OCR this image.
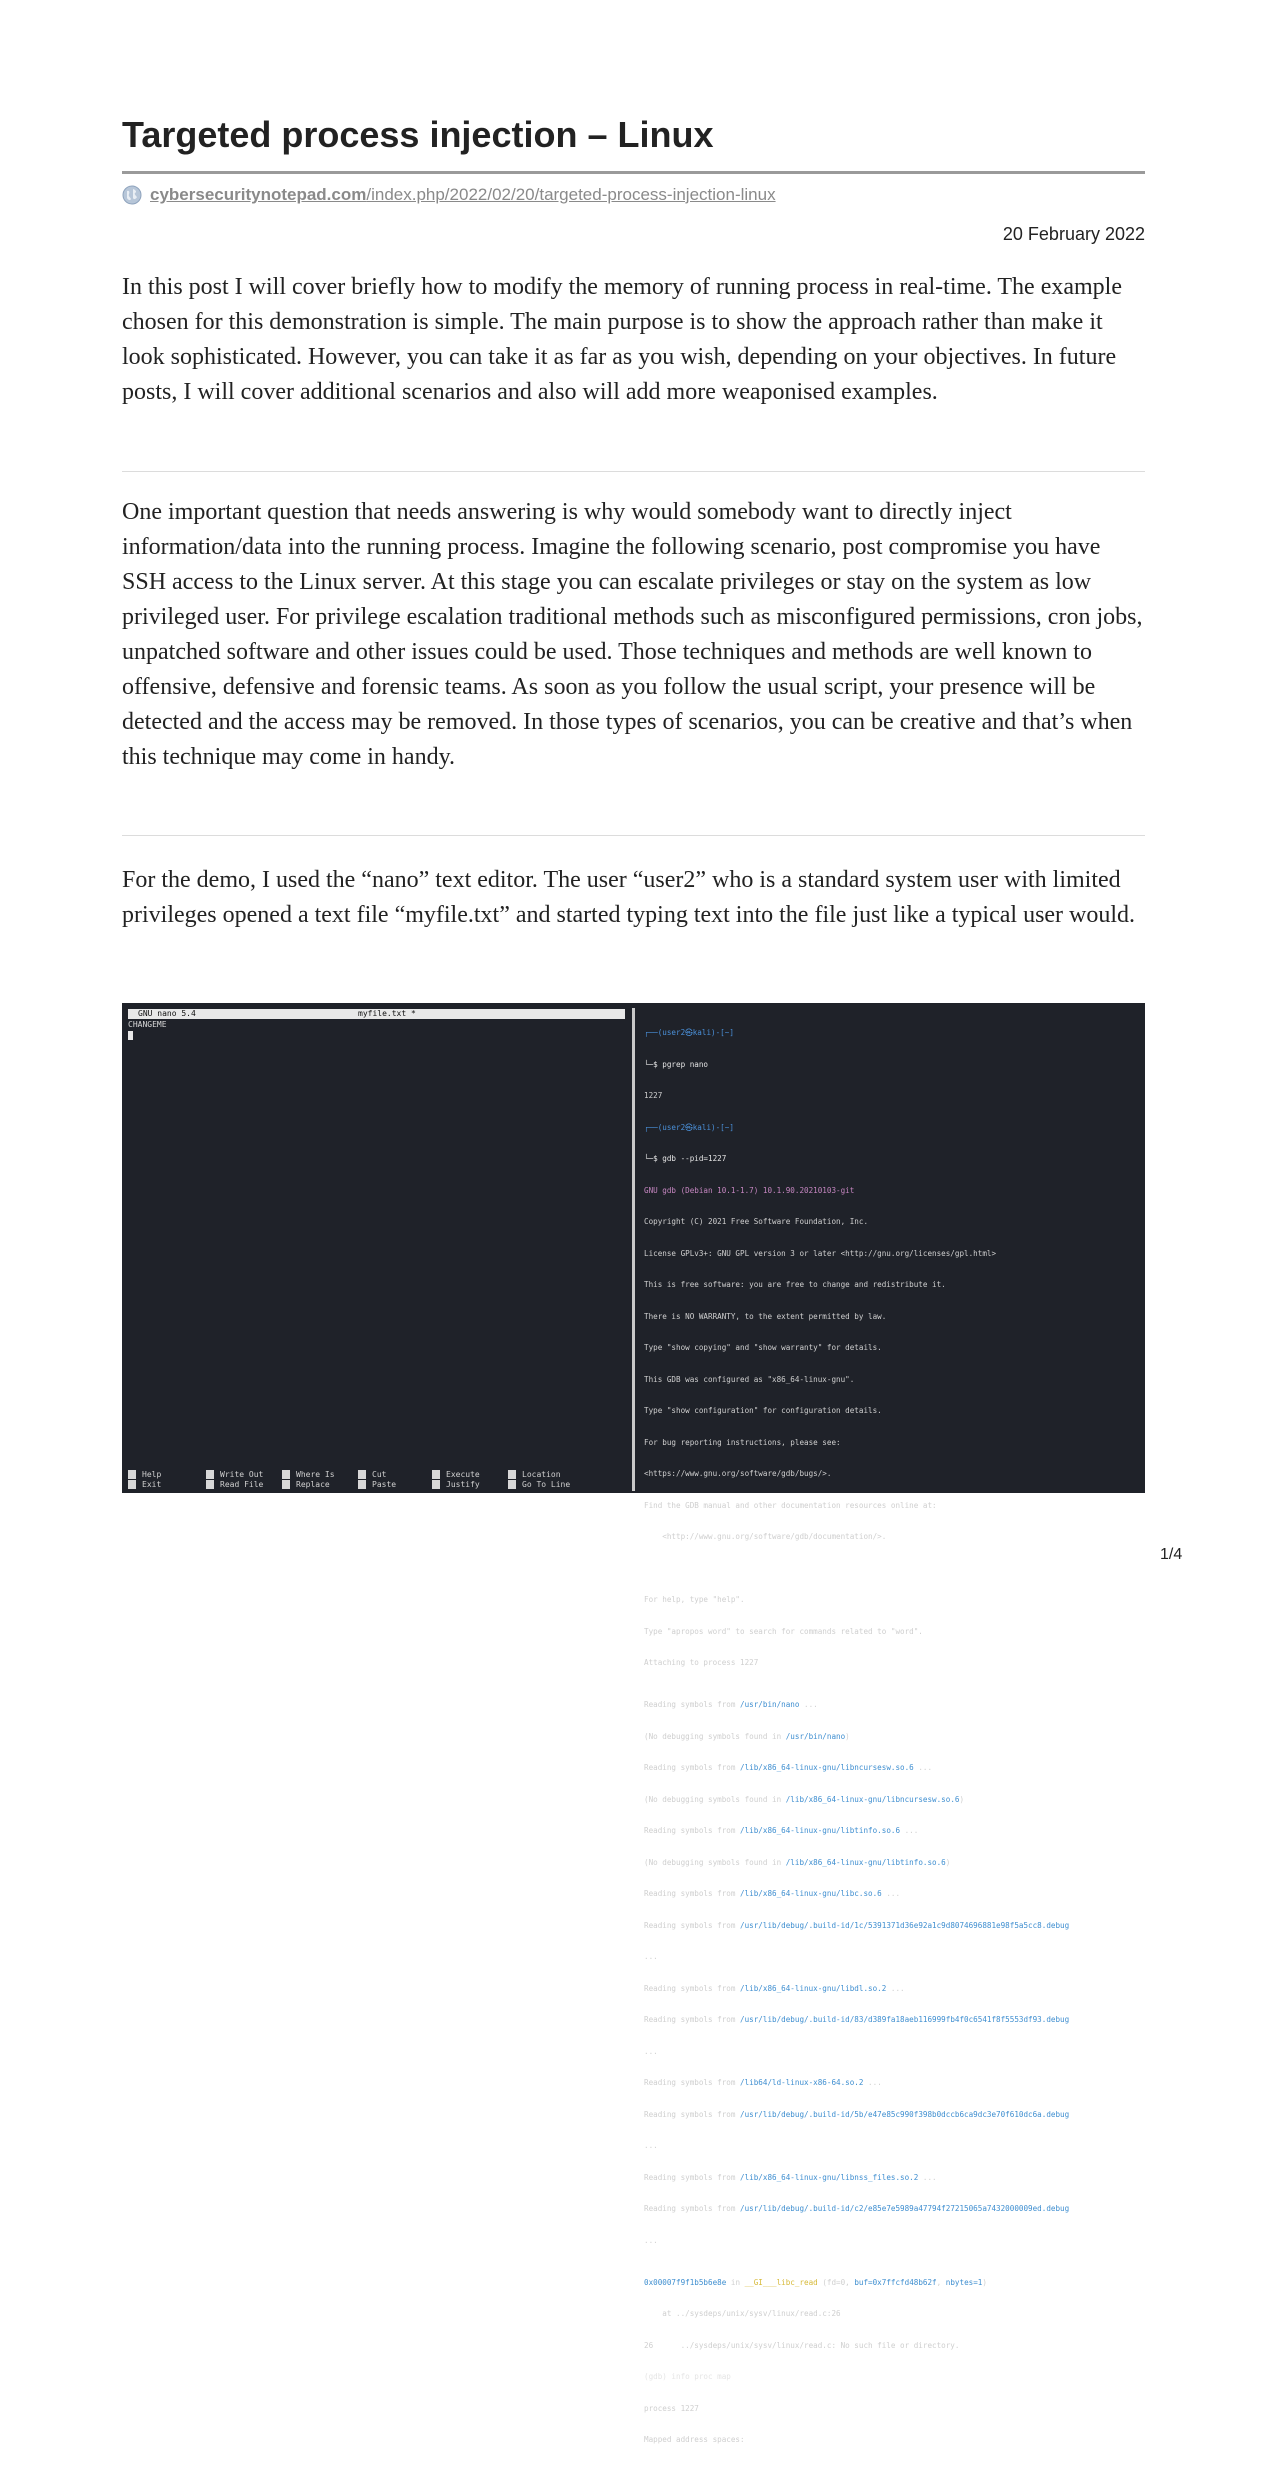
Targeted process injection – Linux
cybersecuritynotepad.com/index.php/2022/02/20/targeted-process-injection-linux
20 February 2022

In this post I will cover briefly how to modify the memory of running process in real-time. The example chosen for this demonstration is simple. The main purpose is to show the approach rather than make it look sophisticated. However, you can take it as far as you wish, depending on your objectives. In future posts, I will cover additional scenarios and also will add more weaponised examples.

One important question that needs answering is why would somebody want to directly inject information/data into the running process. Imagine the following scenario, post compromise you have SSH access to the Linux server. At this stage you can escalate privileges or stay on the system as low privileged user. For privilege escalation traditional methods such as misconfigured permissions, cron jobs, unpatched software and other issues could be used. Those techniques and methods are well known to offensive, defensive and forensic teams. As soon as you follow the usual script, your presence will be detected and the access may be removed. In those types of scenarios, you can be creative and that’s when this technique may come in handy.

For the demo, I used the “nano” text editor. The user “user2” who is a standard system user with limited privileges opened a text file “myfile.txt” and started typing text into the file just like a typical user would.

GNU nano 5.4	myfile.txt *
CHANGEME
Help
Exit
Write Out
Read File
Where Is
Replace
Cut
Paste
Execute
Justify
Location
Go To Line

┌──(user2㉿kali)-[~]

└─$ pgrep nano

1227

┌──(user2㉿kali)-[~]

└─$ gdb --pid=1227

GNU gdb (Debian 10.1-1.7) 10.1.90.20210103-git

Copyright (C) 2021 Free Software Foundation, Inc.

License GPLv3+: GNU GPL version 3 or later <http://gnu.org/licenses/gpl.html>

This is free software: you are free to change and redistribute it.

There is NO WARRANTY, to the extent permitted by law.

Type "show copying" and "show warranty" for details.

This GDB was configured as "x86_64-linux-gnu".

Type "show configuration" for configuration details.

For bug reporting instructions, please see:

<https://www.gnu.org/software/gdb/bugs/>.

Find the GDB manual and other documentation resources online at:

<http://www.gnu.org/software/gdb/documentation/>.

For help, type "help".

Type "apropos word" to search for commands related to "word".

Attaching to process 1227

Reading symbols from /usr/bin/nano ...

(No debugging symbols found in /usr/bin/nano)

Reading symbols from /lib/x86_64-linux-gnu/libncursesw.so.6 ...

(No debugging symbols found in /lib/x86_64-linux-gnu/libncursesw.so.6)

Reading symbols from /lib/x86_64-linux-gnu/libtinfo.so.6 ...

(No debugging symbols found in /lib/x86_64-linux-gnu/libtinfo.so.6)

Reading symbols from /lib/x86_64-linux-gnu/libc.so.6 ...

Reading symbols from /usr/lib/debug/.build-id/1c/5391371d36e92a1c9d8074696881e98f5a5cc8.debug

...

Reading symbols from /lib/x86_64-linux-gnu/libdl.so.2 ...

Reading symbols from /usr/lib/debug/.build-id/83/d389fa18aeb116999fb4f0c6541f8f5553df93.debug

...

Reading symbols from /lib64/ld-linux-x86-64.so.2 ...

Reading symbols from /usr/lib/debug/.build-id/5b/e47e85c990f398b0dccb6ca9dc3e70f610dc6a.debug

...

Reading symbols from /lib/x86_64-linux-gnu/libnss_files.so.2 ...

Reading symbols from /usr/lib/debug/.build-id/c2/e85e7e5989a47794f27215065a7432000009ed.debug

...

0x00007f9f1b5b6e8e in __GI___libc_read (fd=0, buf=0x7ffcfd48b62f, nbytes=1)

at ../sysdeps/unix/sysv/linux/read.c:26

26      ../sysdeps/unix/sysv/linux/read.c: No such file or directory.

(gdb) info proc map

process 1227

Mapped address spaces:

1/4
